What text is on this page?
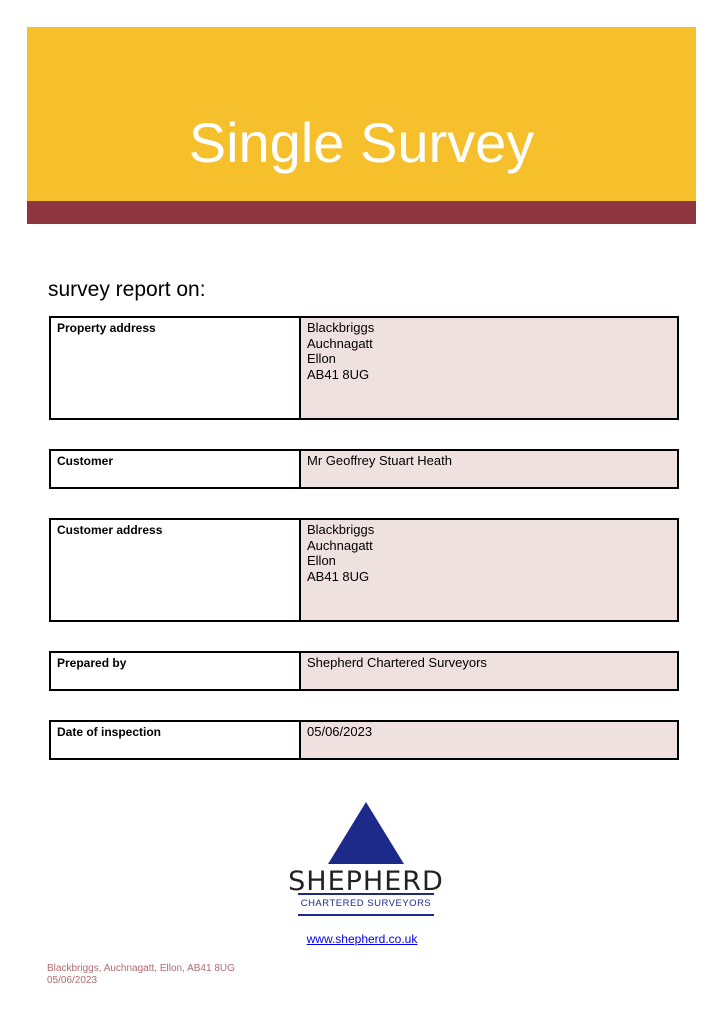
Single Survey
survey report on:
Property address	Blackbriggs
Auchnagatt
Ellon
AB41 8UG
Customer	Mr Geoffrey Stuart Heath
Customer address	Blackbriggs
Auchnagatt
Ellon
AB41 8UG
Prepared by	Shepherd Chartered Surveyors
Date of inspection	05/06/2023
SHEPHERD
CHARTERED SURVEYORS
www.shepherd.co.uk
Blackbriggs, Auchnagatt, Ellon, AB41 8UG
05/06/2023
